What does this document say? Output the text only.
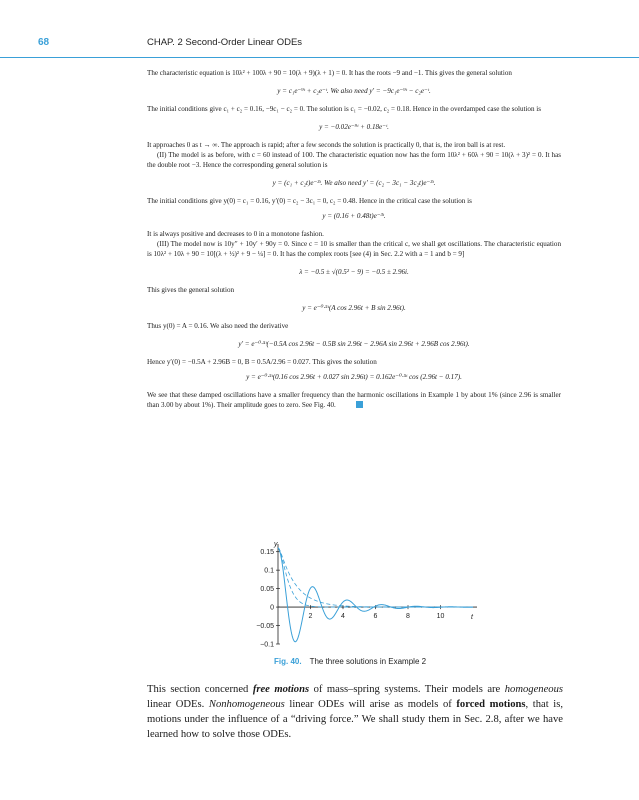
68	CHAP. 2 Second-Order Linear ODEs

The characteristic equation is 10λ² + 100λ + 90 = 10(λ + 9)(λ + 1) = 0. It has the roots −9 and −1. This gives the general solution

y = c₁e⁻⁹ᵗ + c₂e⁻ᵗ. We also need y′ = −9c₁e⁻⁹ᵗ − c₂e⁻ᵗ.

The initial conditions give c₁ + c₂ = 0.16, −9c₁ − c₂ = 0. The solution is c₁ = −0.02, c₂ = 0.18. Hence in the overdamped case the solution is

y = −0.02e⁻⁹ᵗ + 0.18e⁻ᵗ.

It approaches 0 as t → ∞. The approach is rapid; after a few seconds the solution is practically 0, that is, the iron ball is at rest.

(II) The model is as before, with c = 60 instead of 100. The characteristic equation now has the form 10λ² + 60λ + 90 = 10(λ + 3)² = 0. It has the double root −3. Hence the corresponding general solution is

y = (c₁ + c₂t)e⁻³ᵗ. We also need y′ = (c₂ − 3c₁ − 3c₂t)e⁻³ᵗ.

The initial conditions give y(0) = c₁ = 0.16, y′(0) = c₂ − 3c₁ = 0, c₂ = 0.48. Hence in the critical case the solution is

y = (0.16 + 0.48t)e⁻³ᵗ.

It is always positive and decreases to 0 in a monotone fashion.

(III) The model now is 10y″ + 10y′ + 90y = 0. Since c = 10 is smaller than the critical c, we shall get oscillations. The characteristic equation is 10λ² + 10λ + 90 = 10[(λ + ½)² + 9 − ¼] = 0. It has the complex roots [see (4) in Sec. 2.2 with a = 1 and b = 9]

λ = −0.5 ± √(0.5² − 9) = −0.5 ± 2.96i.

This gives the general solution

y = e⁻⁰·⁵ᵗ(A cos 2.96t + B sin 2.96t).

Thus y(0) = A = 0.16. We also need the derivative

y′ = e⁻⁰·⁵ᵗ(−0.5A cos 2.96t − 0.5B sin 2.96t − 2.96A sin 2.96t + 2.96B cos 2.96t).

Hence y′(0) = −0.5A + 2.96B = 0, B = 0.5A/2.96 = 0.027. This gives the solution

y = e⁻⁰·⁵ᵗ(0.16 cos 2.96t + 0.027 sin 2.96t) = 0.162e⁻⁰·⁵ᵗ cos (2.96t − 0.17).

We see that these damped oscillations have a smaller frequency than the harmonic oscillations in Example 1 by about 1% (since 2.96 is smaller than 3.00 by about 1%). Their amplitude goes to zero. See Fig. 40.

y
t
2	4	6	8	10
0.15
0.1
0.05
0
−0.05
−0.1
Fig. 40. The three solutions in Example 2
This section concerned free motions of mass–spring systems. Their models are homogeneous linear ODEs. Nonhomogeneous linear ODEs will arise as models of forced motions, that is, motions under the influence of a “driving force.” We shall study them in Sec. 2.8, after we have learned how to solve those ODEs.
